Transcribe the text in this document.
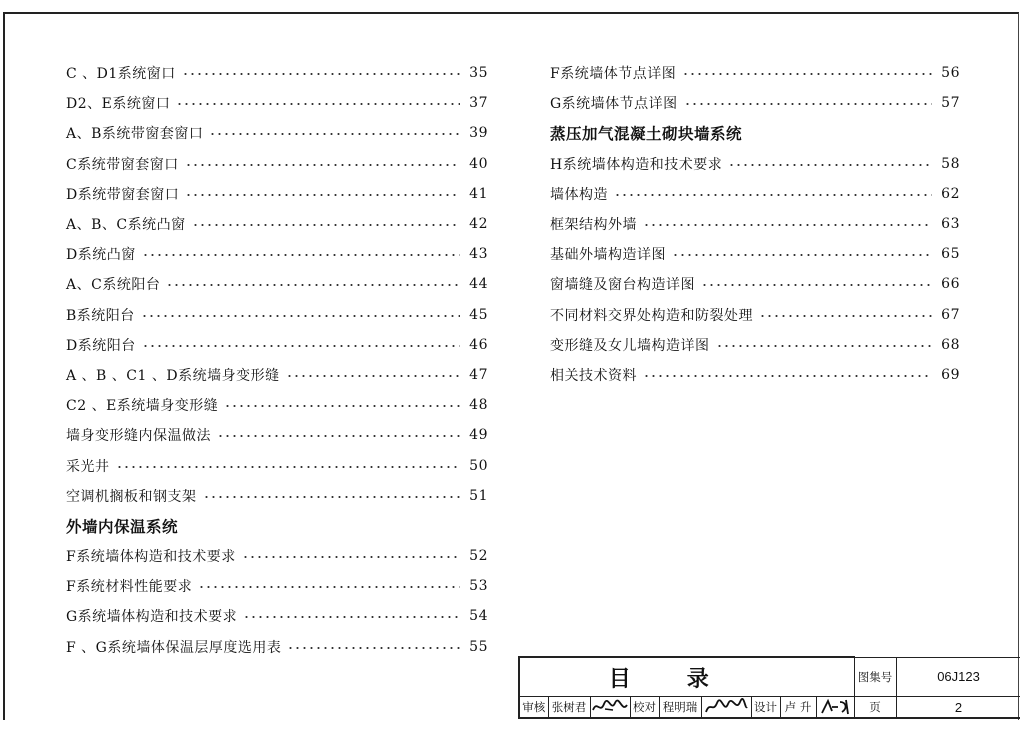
C 、D1系统窗口	35
D2、E系统窗口	37
A、B系统带窗套窗口	39
C系统带窗套窗口	40
D系统带窗套窗口	41
A、B、C系统凸窗	42
D系统凸窗	43
A、C系统阳台	44
B系统阳台	45
D系统阳台	46
A 、B 、C1 、D系统墙身变形缝	47
C2 、E系统墙身变形缝	48
墙身变形缝内保温做法	49
采光井	50
空调机搁板和钢支架	51
外墙内保温系统
F系统墙体构造和技术要求	52
F系统材料性能要求	53
G系统墙体构造和技术要求	54
F 、G系统墙体保温层厚度选用表	55
F系统墙体节点详图	56
G系统墙体节点详图	57
蒸压加气混凝土砌块墙系统
H系统墙体构造和技术要求	58
墙体构造	62
框架结构外墙	63
基础外墙构造详图	65
窗墙缝及窗台构造详图	66
不同材料交界处构造和防裂处理	67
变形缝及女儿墙构造详图	68
相关技术资料	69
目录									图集号	06J123
审核	张树君		校对	程明瑞		设计	卢 升		页	2
